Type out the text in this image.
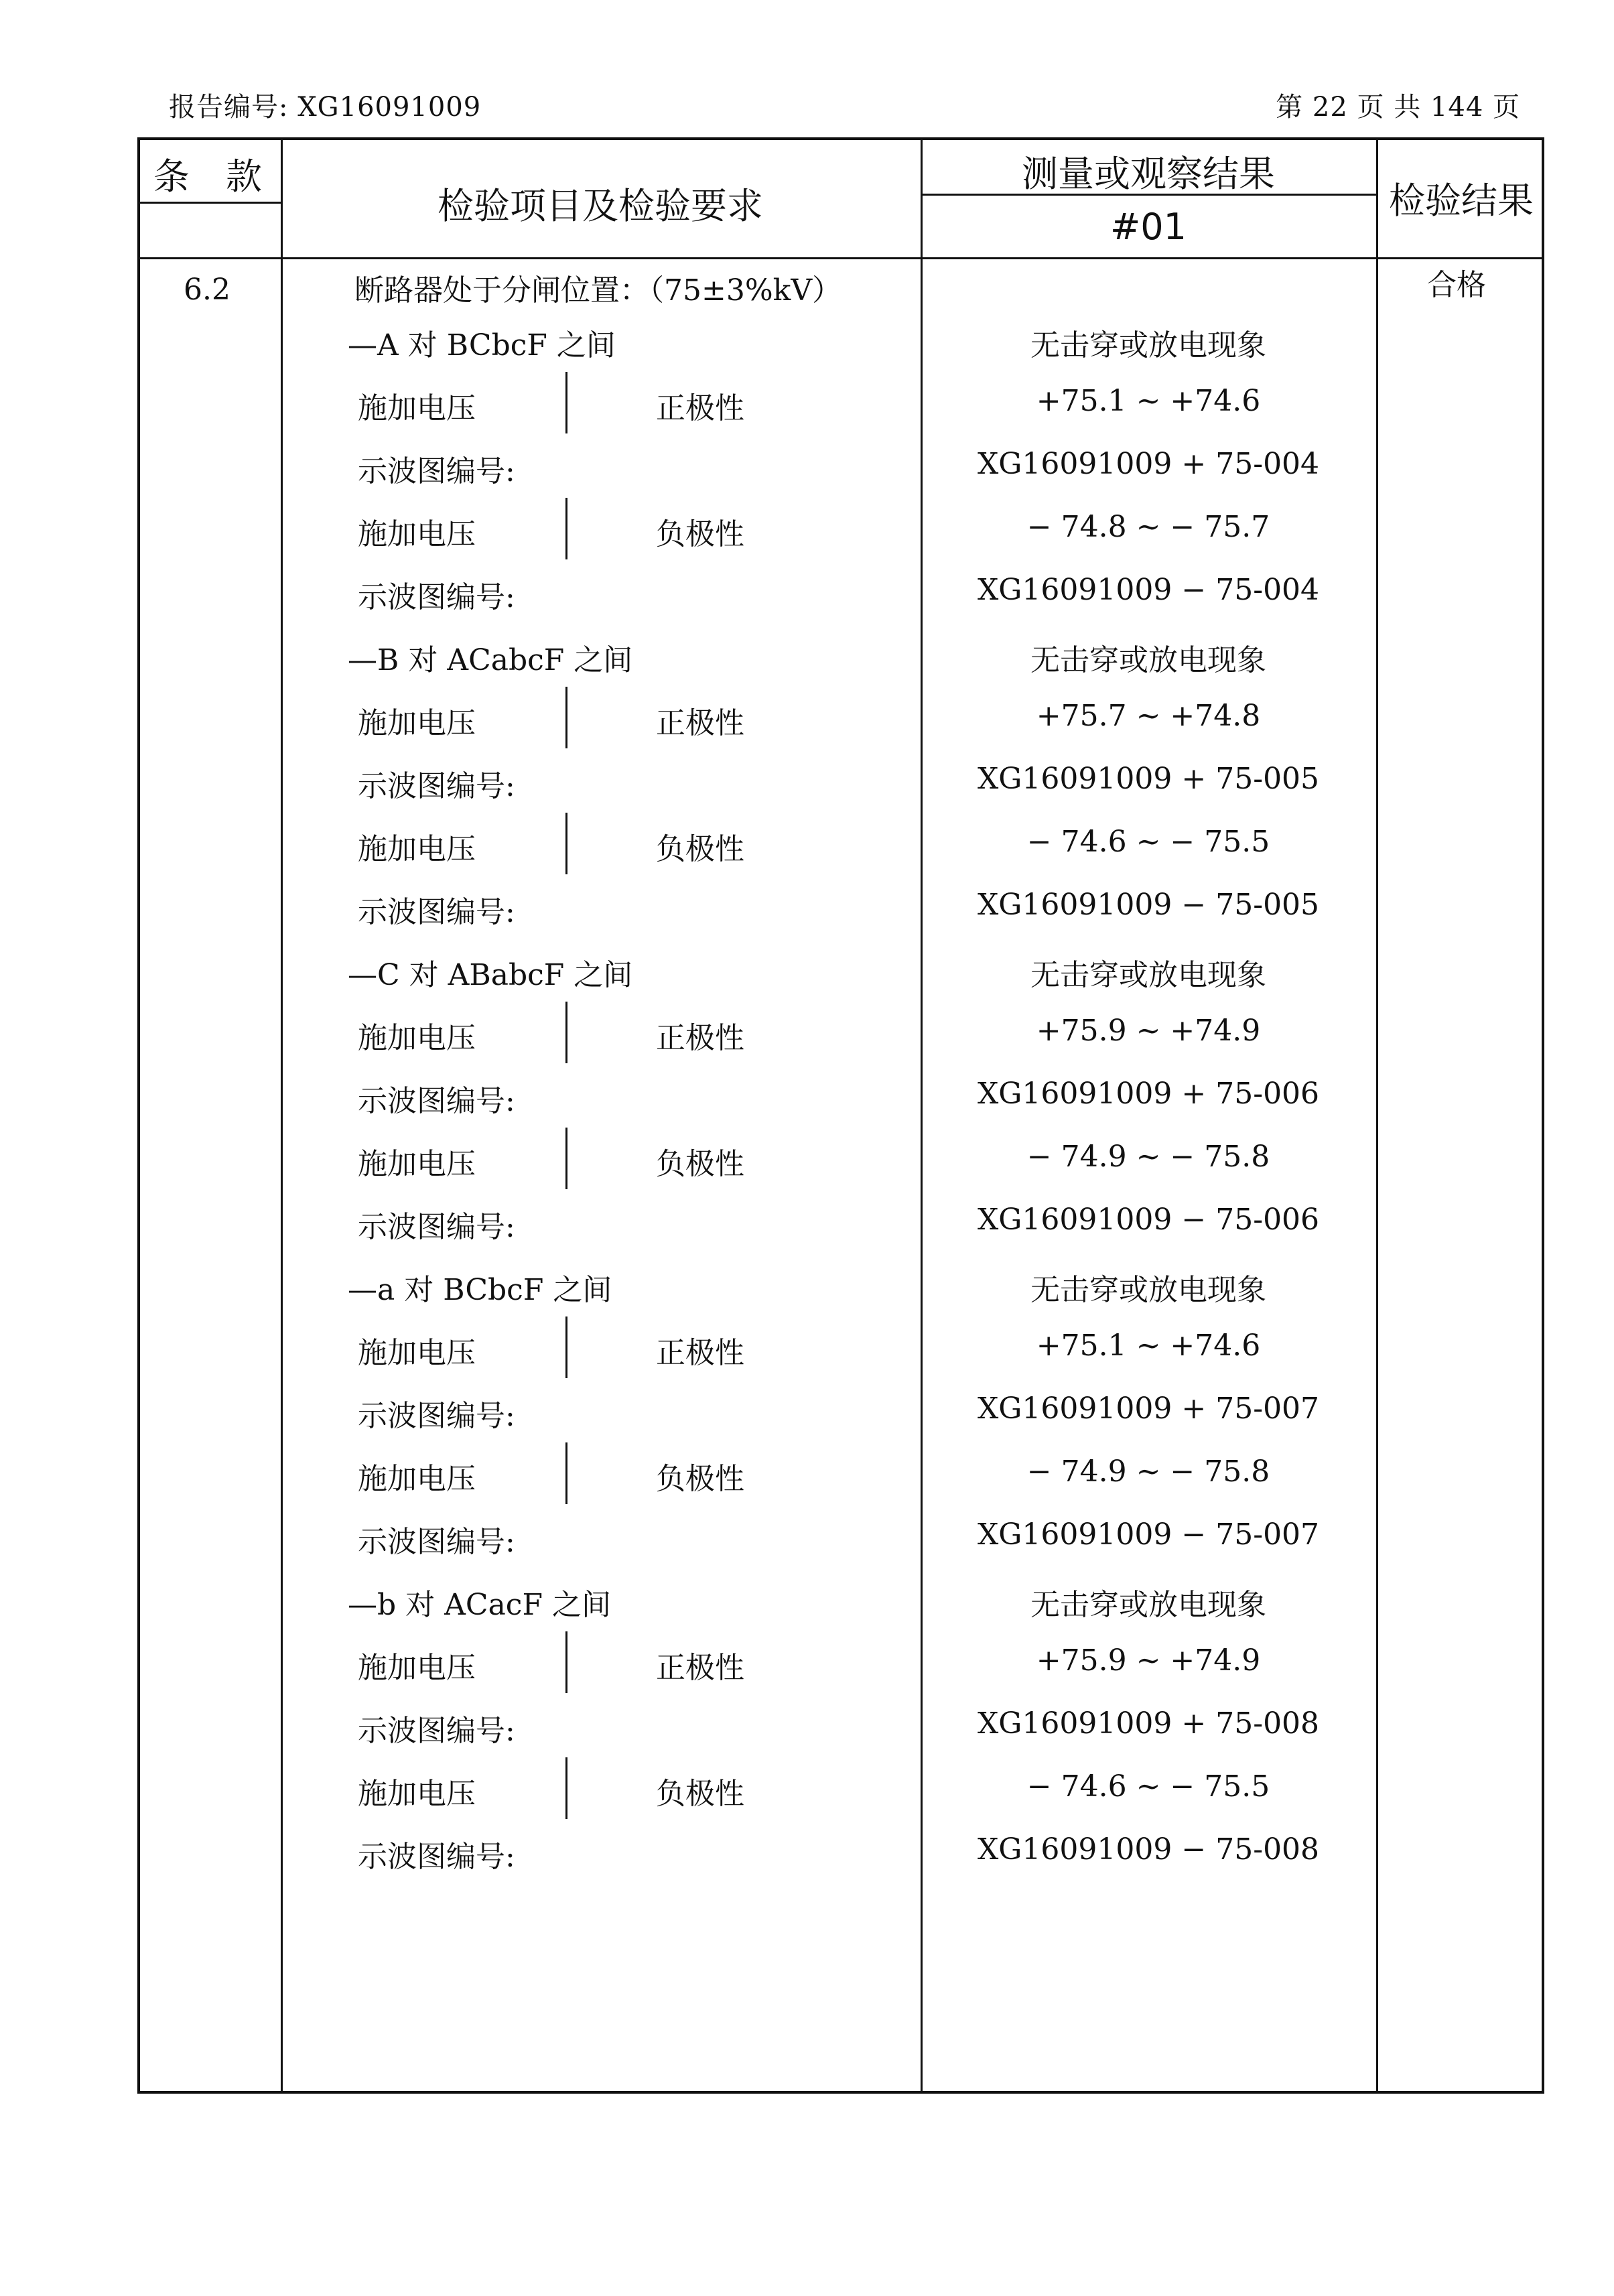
报告编号: XG16091009	第 22 页 共 144 页
条　款
检验项目及检验要求
测量或观察结果
#01
检验结果
6.2	断路器处于分闸位置：（75±3%kV）	合格
—A 对 BCbcF 之间	无击穿或放电现象
施加电压	正极性	+75.1 ~ +74.6
示波图编号:	XG16091009 + 75-004
施加电压	负极性	− 74.8 ~ − 75.7
示波图编号:	XG16091009 − 75-004
—B 对 ACabcF 之间	无击穿或放电现象
施加电压	正极性	+75.7 ~ +74.8
示波图编号:	XG16091009 + 75-005
施加电压	负极性	− 74.6 ~ − 75.5
示波图编号:	XG16091009 − 75-005
—C 对 ABabcF 之间	无击穿或放电现象
施加电压	正极性	+75.9 ~ +74.9
示波图编号:	XG16091009 + 75-006
施加电压	负极性	− 74.9 ~ − 75.8
示波图编号:	XG16091009 − 75-006
—a 对 BCbcF 之间	无击穿或放电现象
施加电压	正极性	+75.1 ~ +74.6
示波图编号:	XG16091009 + 75-007
施加电压	负极性	− 74.9 ~ − 75.8
示波图编号:	XG16091009 − 75-007
—b 对 ACacF 之间	无击穿或放电现象
施加电压	正极性	+75.9 ~ +74.9
示波图编号:	XG16091009 + 75-008
施加电压	负极性	− 74.6 ~ − 75.5
示波图编号:	XG16091009 − 75-008
